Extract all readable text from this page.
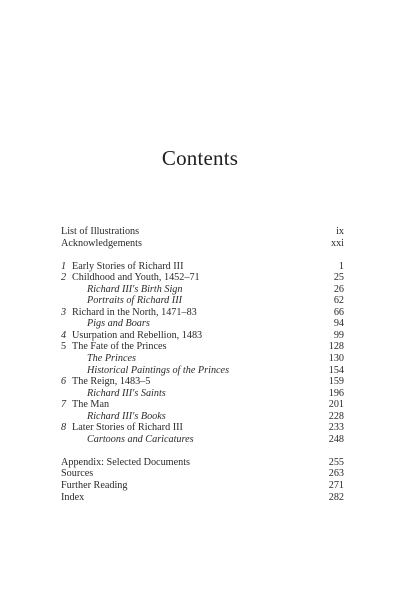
Contents
List of Illustrations	ix
Acknowledgements	xxi
1 Early Stories of Richard III	1
2 Childhood and Youth, 1452–71	25
Richard III's Birth Sign	26
Portraits of Richard III	62
3 Richard in the North, 1471–83	66
Pigs and Boars	94
4 Usurpation and Rebellion, 1483	99
5 The Fate of the Princes	128
The Princes	130
Historical Paintings of the Princes	154
6 The Reign, 1483–5	159
Richard III's Saints	196
7 The Man	201
Richard III's Books	228
8 Later Stories of Richard III	233
Cartoons and Caricatures	248
Appendix: Selected Documents	255
Sources	263
Further Reading	271
Index	282
